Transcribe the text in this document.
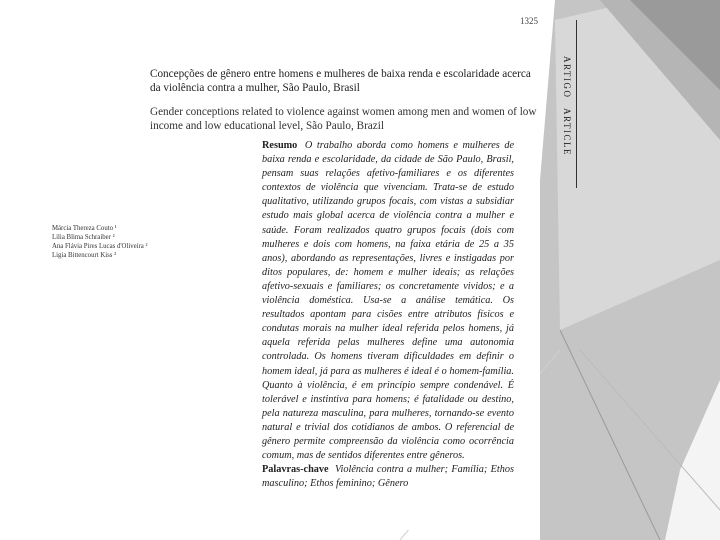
1325
ARTIGO ARTICLE
Concepções de gênero entre homens e mulheres de baixa renda e escolaridade acerca da violência contra a mulher, São Paulo, Brasil
Gender conceptions related to violence against women among men and women of low income and low educational level, São Paulo, Brazil
Márcia Thereza Couto ¹
Lilia Blima Schraiber ²
Ana Flávia Pires Lucas d'Oliveira ²
Ligia Bittencourt Kiss ²
Resumo O trabalho aborda como homens e mulheres de baixa renda e escolaridade, da cidade de São Paulo, Brasil, pensam suas relações afetivo-familiares e os diferentes contextos de violência que vivenciam. Trata-se de estudo qualitativo, utilizando grupos focais, com vistas a subsidiar estudo mais global acerca de violência contra a mulher e saúde. Foram realizados quatro grupos focais (dois com mulheres e dois com homens, na faixa etária de 25 a 35 anos), abordando as representações, livres e instigadas por ditos populares, de: homem e mulher ideais; as relações afetivo-sexuais e familiares; os concretamente vividos; e a violência doméstica. Usa-se a análise temática. Os resultados apontam para cisões entre atributos físicos e condutas morais na mulher ideal referida pelos homens, já aquela referida pelas mulheres define uma autonomia controlada. Os homens tiveram dificuldades em definir o homem ideal, já para as mulheres é ideal é o homem-família. Quanto à violência, é em princípio sempre condenável. É tolerável e instintiva para homens; é fatalidade ou destino, pela natureza masculina, para mulheres, tornando-se evento natural e trivial dos cotidianos de ambos. O referencial de gênero permite compreensão da violência como ocorrência comum, mas de sentidos diferentes entre gêneros.
Palavras-chave Violência contra a mulher; Família; Ethos masculino; Ethos feminino; Gênero
